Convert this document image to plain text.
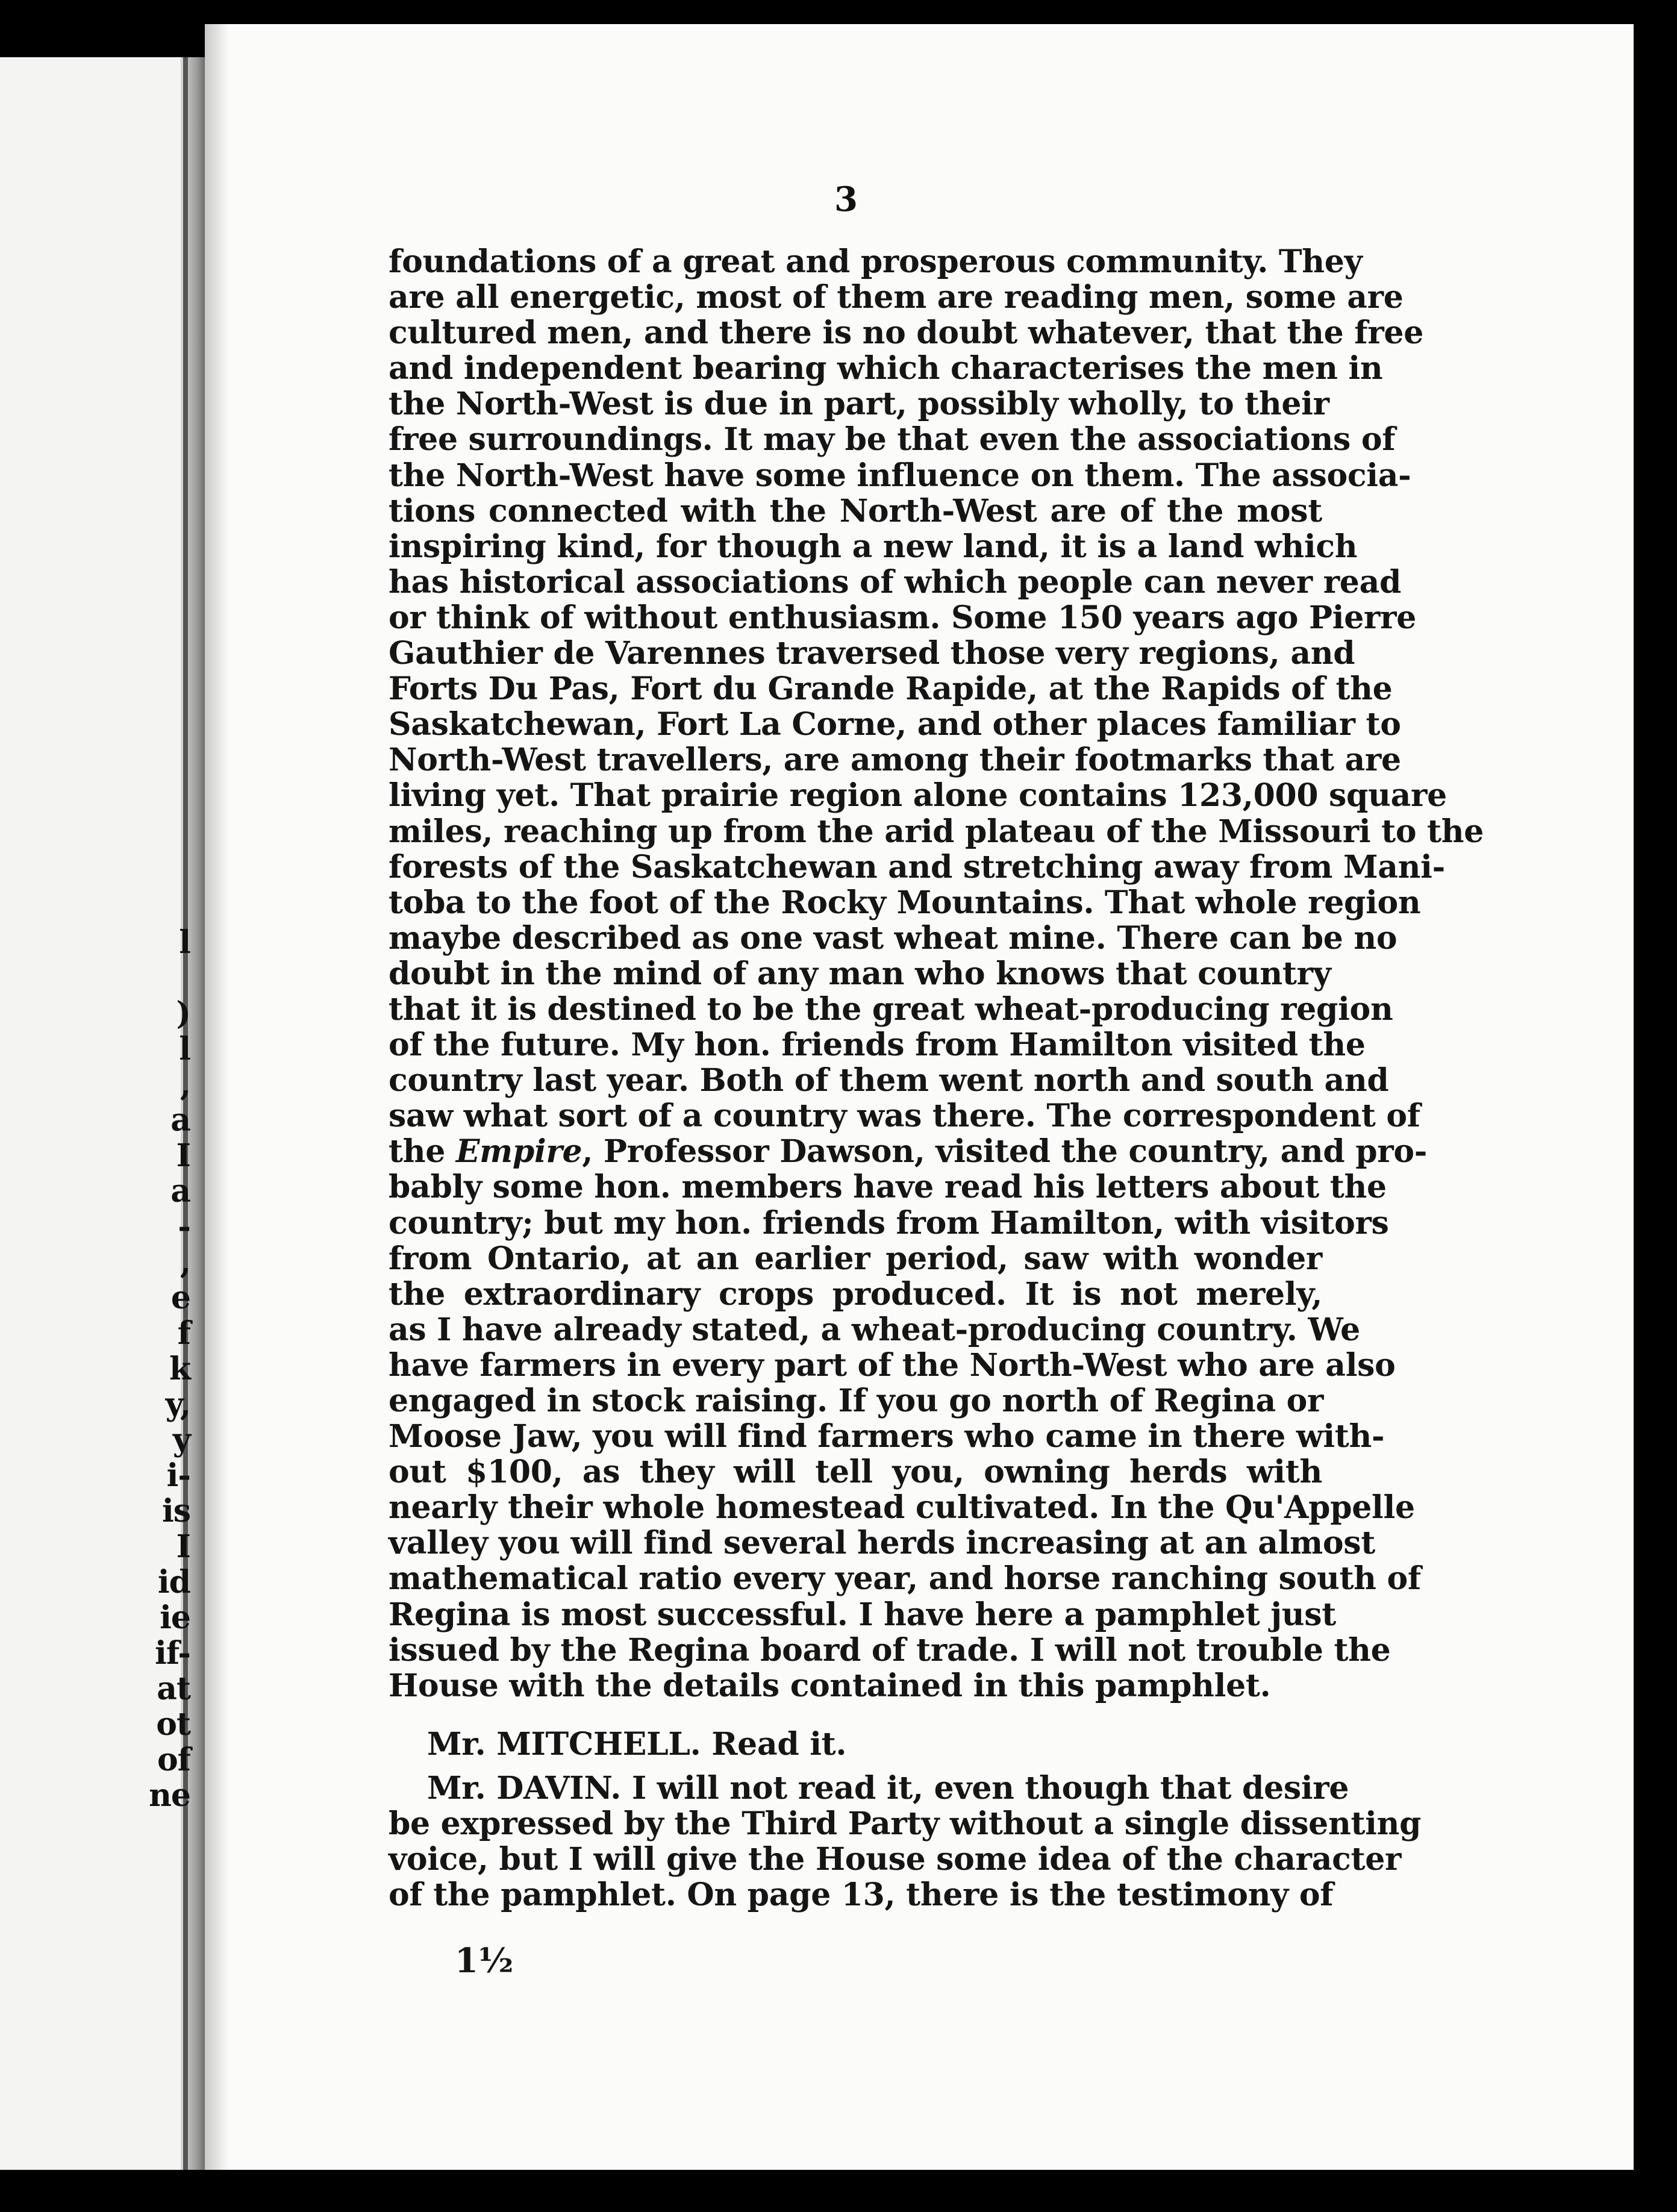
l
)
l
,
a
I
a
-
,
e
f
k
y,
y
i-
is
I
id
ie
if-
at
ot
of
ne
3
foundations of a great and prosperous community. They
are all energetic, most of them are reading men, some are
cultured men, and there is no doubt whatever, that the free
and independent bearing which characterises the men in
the North-West is due in part, possibly wholly, to their
free surroundings. It may be that even the associations of
the North-West have some influence on them. The associa-
tions connected with the North-West are of the most
inspiring kind, for though a new land, it is a land which
has historical associations of which people can never read
or think of without enthusiasm. Some 150 years ago Pierre
Gauthier de Varennes traversed those very regions, and
Forts Du Pas, Fort du Grande Rapide, at the Rapids of the
Saskatchewan, Fort La Corne, and other places familiar to
North-West travellers, are among their footmarks that are
living yet. That prairie region alone contains 123,000 square
miles, reaching up from the arid plateau of the Missouri to the
forests of the Saskatchewan and stretching away from Mani-
toba to the foot of the Rocky Mountains. That whole region
maybe described as one vast wheat mine. There can be no
doubt in the mind of any man who knows that country
that it is destined to be the great wheat-producing region
of the future. My hon. friends from Hamilton visited the
country last year. Both of them went north and south and
saw what sort of a country was there. The correspondent of
the Empire, Professor Dawson, visited the country, and pro-
bably some hon. members have read his letters about the
country; but my hon. friends from Hamilton, with visitors
from Ontario, at an earlier period, saw with wonder
the extraordinary crops produced. It is not merely,
as I have already stated, a wheat-producing country. We
have farmers in every part of the North-West who are also
engaged in stock raising. If you go north of Regina or
Moose Jaw, you will find farmers who came in there with-
out $100, as they will tell you, owning herds with
nearly their whole homestead cultivated. In the Qu'Appelle
valley you will find several herds increasing at an almost
mathematical ratio every year, and horse ranching south of
Regina is most successful. I have here a pamphlet just
issued by the Regina board of trade. I will not trouble the
House with the details contained in this pamphlet.
Mr. MITCHELL. Read it.
Mr. DAVIN. I will not read it, even though that desire
be expressed by the Third Party without a single dissenting
voice, but I will give the House some idea of the character
of the pamphlet. On page 13, there is the testimony of
1½
